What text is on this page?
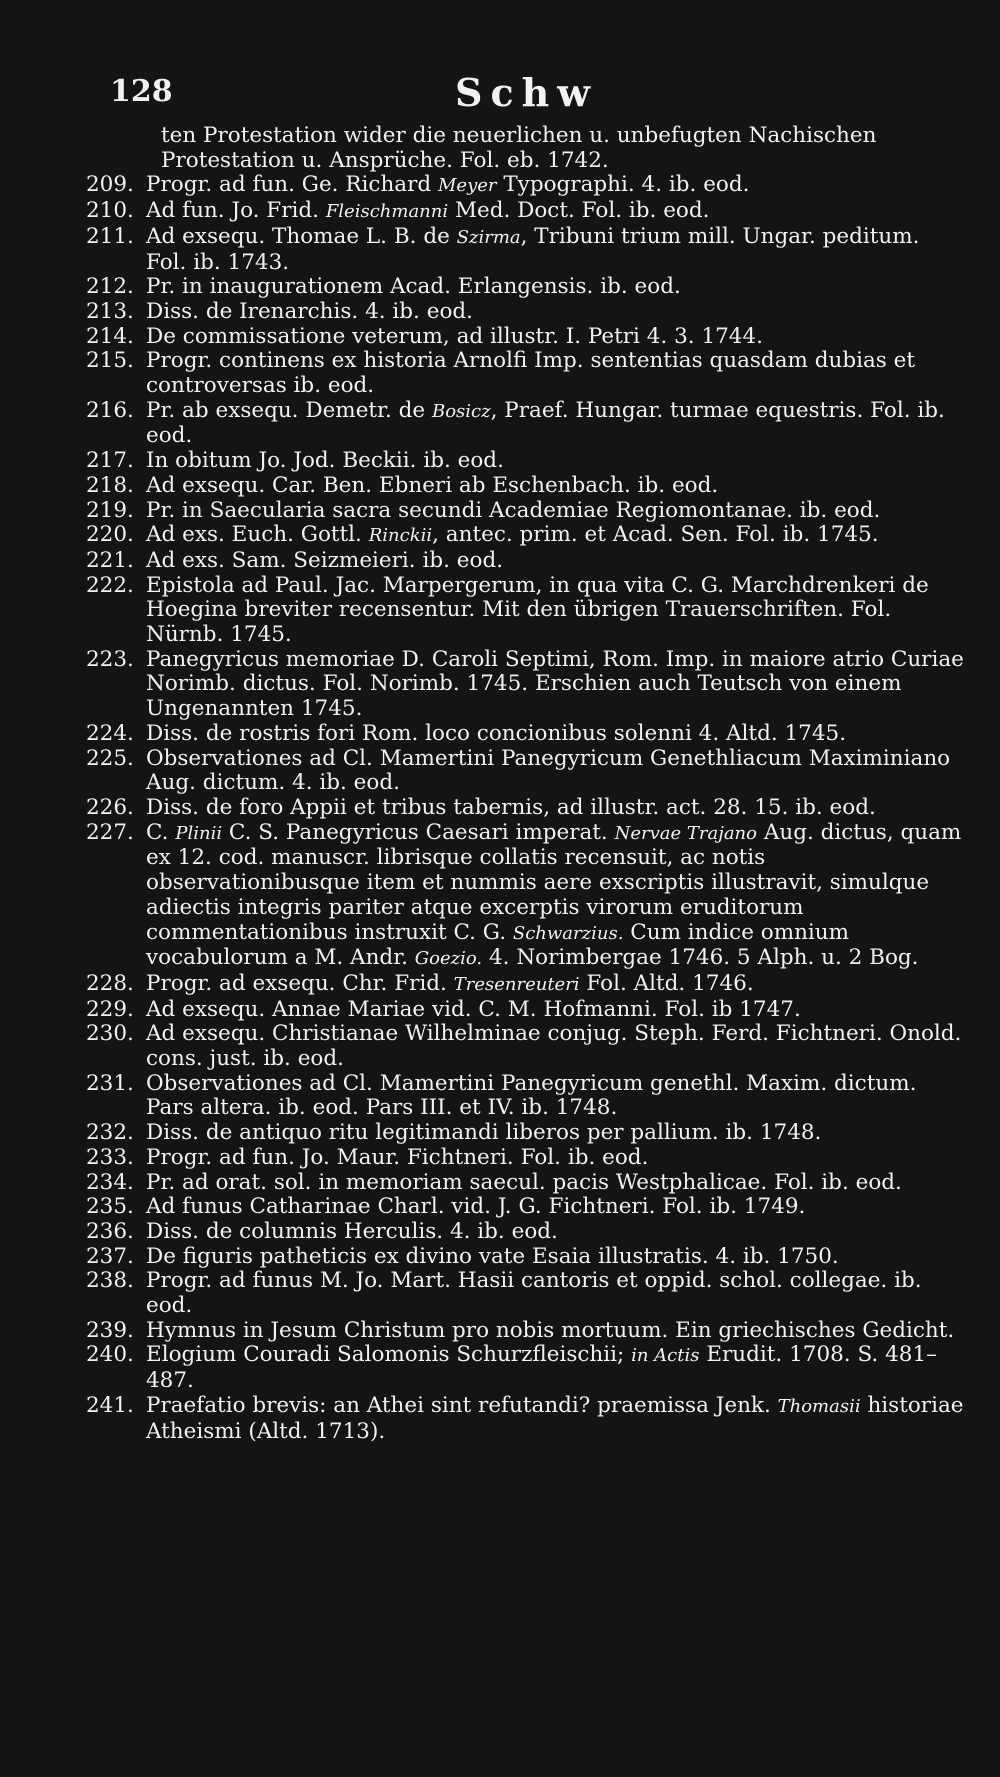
128	Schw
ten Protestation wider die neuerlichen u. unbefugten Nachischen Protestation u. Ansprüche. Fol. eb. 1742.
209. Progr. ad fun. Ge. Richard Meyer Typographi. 4. ib. eod.
210. Ad fun. Jo. Frid. Fleischmanni Med. Doct. Fol. ib. eod.
211. Ad exsequ. Thomae L. B. de Szirma, Tribuni trium mill. Ungar. peditum. Fol. ib. 1743.
212. Pr. in inaugurationem Acad. Erlangensis. ib. eod.
213. Diss. de Irenarchis. 4. ib. eod.
214. De commissatione veterum, ad illustr. I. Petri 4. 3. 1744.
215. Progr. continens ex historia Arnolfi Imp. sententias quasdam dubias et controversas ib. eod.
216. Pr. ab exsequ. Demetr. de Bosicz, Praef. Hungar. turmae equestris. Fol. ib. eod.
217. In obitum Jo. Jod. Beckii. ib. eod.
218. Ad exsequ. Car. Ben. Ebneri ab Eschenbach. ib. eod.
219. Pr. in Saecularia sacra secundi Academiae Regiomontanae. ib. eod.
220. Ad exs. Euch. Gottl. Rinckii, antec. prim. et Acad. Sen. Fol. ib. 1745.
221. Ad exs. Sam. Seizmeieri. ib. eod.
222. Epistola ad Paul. Jac. Marpergerum, in qua vita C. G. Marchdrenkeri de Hoegina breviter recensentur. Mit den übrigen Trauerschriften. Fol. Nürnb. 1745.
223. Panegyricus memoriae D. Caroli Septimi, Rom. Imp. in maiore atrio Curiae Norimb. dictus. Fol. Norimb. 1745. Erschien auch Teutsch von einem Ungenannten 1745.
224. Diss. de rostris fori Rom. loco concionibus solenni 4. Altd. 1745.
225. Observationes ad Cl. Mamertini Panegyricum Genethliacum Maximiniano Aug. dictum. 4. ib. eod.
226. Diss. de foro Appii et tribus tabernis, ad illustr. act. 28. 15. ib. eod.
227. C. Plinii C. S. Panegyricus Caesari imperat. Nervae Trajano Aug. dictus, quam ex 12. cod. manuscr. librisque collatis recensuit, ac notis observationibusque item et nummis aere exscriptis illustravit, simulque adiectis integris pariter atque excerptis virorum eruditorum commentationibus instruxit C. G. Schwarzius. Cum indice omnium vocabulorum a M. Andr. Goezio. 4. Norimbergae 1746. 5 Alph. u. 2 Bog.
228. Progr. ad exsequ. Chr. Frid. Tresenreuteri Fol. Altd. 1746.
229. Ad exsequ. Annae Mariae vid. C. M. Hofmanni. Fol. ib 1747.
230. Ad exsequ. Christianae Wilhelminae conjug. Steph. Ferd. Fichtneri. Onold. cons. just. ib. eod.
231. Observationes ad Cl. Mamertini Panegyricum genethl. Maxim. dictum. Pars altera. ib. eod. Pars III. et IV. ib. 1748.
232. Diss. de antiquo ritu legitimandi liberos per pallium. ib. 1748.
233. Progr. ad fun. Jo. Maur. Fichtneri. Fol. ib. eod.
234. Pr. ad orat. sol. in memoriam saecul. pacis Westphalicae. Fol. ib. eod.
235. Ad funus Catharinae Charl. vid. J. G. Fichtneri. Fol. ib. 1749.
236. Diss. de columnis Herculis. 4. ib. eod.
237. De figuris patheticis ex divino vate Esaia illustratis. 4. ib. 1750.
238. Progr. ad funus M. Jo. Mart. Hasii cantoris et oppid. schol. collegae. ib. eod.
239. Hymnus in Jesum Christum pro nobis mortuum. Ein griechisches Gedicht.
240. Elogium Couradi Salomonis Schurzfleischii; in Actis Erudit. 1708. S. 481–487.
241. Praefatio brevis: an Athei sint refutandi? praemissa Jenk. Thomasii historiae Atheismi (Altd. 1713).
